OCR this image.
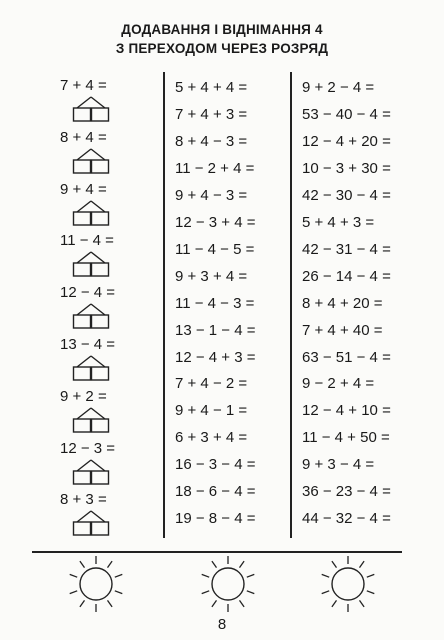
ДОДАВАННЯ І ВІДНІМАННЯ 4
З ПЕРЕХОДОМ ЧЕРЕЗ РОЗРЯД
7 + 4 =
8 + 4 =
9 + 4 =
11 − 4 =
12 − 4 =
13 − 4 =
9 + 2 =
12 − 3 =
8 + 3 =
5 + 4 + 4 =
7 + 4 + 3 =
8 + 4 − 3 =
11 − 2 + 4 =
9 + 4 − 3 =
12 − 3 + 4 =
11 − 4 − 5 =
9 + 3 + 4 =
11 − 4 − 3 =
13 − 1 − 4 =
12 − 4 + 3 =
7 + 4 − 2 =
9 + 4 − 1 =
6 + 3 + 4 =
16 − 3 − 4 =
18 − 6 − 4 =
19 − 8 − 4 =
9 + 2 − 4 =
53 − 40 − 4 =
12 − 4 + 20 =
10 − 3 + 30 =
42 − 30 − 4 =
5 + 4 + 3 =
42 − 31 − 4 =
26 − 14 − 4 =
8 + 4 + 20 =
7 + 4 + 40 =
63 − 51 − 4 =
9 − 2 + 4 =
12 − 4 + 10 =
11 − 4 + 50 =
9 + 3 − 4 =
36 − 23 − 4 =
44 − 32 − 4 =
8
